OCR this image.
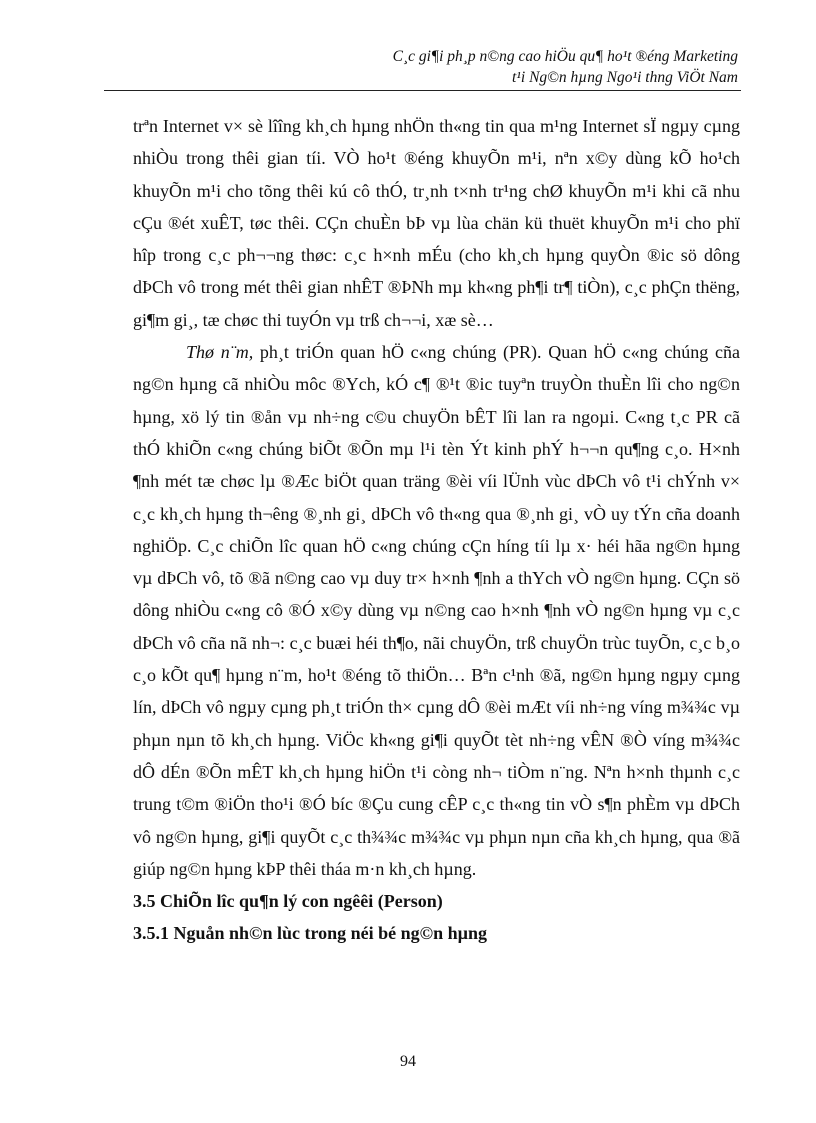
C¸c gi¶i ph¸p n©ng cao hiÖu qu¶ ho¹t ®éng Marketing
t¹i Ng©n hµng Ngo¹i thng ViÖt Nam

trªn Internet v× sè lîîng kh¸ch hµng nhÖn th«ng tin qua m¹ng Internet sÏ ngµy cµng nhiÒu trong thêi gian tíi. VÒ ho¹t ®éng khuyÕn m¹i, nªn x©y dùng kÕ ho¹ch khuyÕn m¹i cho tõng thêi kú cô thÓ, tr¸nh t×nh tr¹ng chØ khuyÕn m¹i khi cã nhu cÇu ®ét xuÊT, tøc thêi. CÇn chuÈn bÞ vµ lùa chän kü thuët khuyÕn m¹i cho phï hîp trong c¸c ph¬¬ng thøc: c¸c h×nh mÉu (cho kh¸ch hµng quyÒn ®ic sö dông dÞCh vô trong mét thêi gian nhÊT ®ÞNh mµ kh«ng ph¶i tr¶ tiÒn), c¸c phÇn thëng, gi¶m gi¸, tæ chøc thi tuyÓn vµ trß ch¬¬i, xæ sè…

Thø n¨m, ph¸t triÓn quan hÖ c«ng chúng (PR). Quan hÖ c«ng chúng cña ng©n hµng cã nhiÒu môc ®Ych, kÓ c¶ ®¹t ®ic tuyªn truyÒn thuÈn lîi cho ng©n hµng, xö lý tin ®ån vµ nh÷ng c©u chuyÖn bÊT lîi lan ra ngoµi. C«ng t¸c PR cã thÓ khiÕn c«ng chúng biÕt ®Õn mµ l¹i tèn Ýt kinh phÝ h¬¬n qu¶ng c¸o. H×nh ¶nh mét tæ chøc lµ ®Æc biÖt quan träng ®èi víi lÜnh vùc dÞCh vô t¹i chÝnh v× c¸c kh¸ch hµng th¬êng ®¸nh gi¸ dÞCh vô th«ng qua ®¸nh gi¸ vÒ uy tÝn cña doanh nghiÖp. C¸c chiÕn lîc quan hÖ c«ng chúng cÇn híng tíi lµ x· héi hãa ng©n hµng vµ dÞCh vô, tõ ®ã n©ng cao vµ duy tr× h×nh ¶nh a thYch vÒ ng©n hµng. CÇn sö dông nhiÒu c«ng cô ®Ó x©y dùng vµ n©ng cao h×nh ¶nh vÒ ng©n hµng vµ c¸c dÞCh vô cña nã nh¬: c¸c buæi héi th¶o, nãi chuyÖn, trß chuyÖn trùc tuyÕn, c¸c b¸o c¸o kÕt qu¶ hµng n¨m, ho¹t ®éng tõ thiÖn… Bªn c¹nh ®ã, ng©n hµng ngµy cµng lín, dÞCh vô ngµy cµng ph¸t triÓn th× cµng dÔ ®èi mÆt víi nh÷ng víng m¾¾c vµ phµn nµn tõ kh¸ch hµng. ViÖc kh«ng gi¶i quyÕt tèt nh÷ng vÊN ®Ò víng m¾¾c dÔ dÉn ®Õn mÊT kh¸ch hµng hiÖn t¹i còng nh¬ tiÒm n¨ng. Nªn h×nh thµnh c¸c trung t©m ®iÖn tho¹i ®Ó bíc ®Çu cung cÊP c¸c th«ng tin vÒ s¶n phÈm vµ dÞCh vô ng©n hµng, gi¶i quyÕt c¸c th¾¾c m¾¾c vµ phµn nµn cña kh¸ch hµng, qua ®ã giúp ng©n hµng kÞP thêi tháa m·n kh¸ch hµng.

3.5 ChiÕn lîc qu¶n lý con ngêêi (Person)

3.5.1 Nguån nh©n lùc trong néi bé ng©n hµng

94
